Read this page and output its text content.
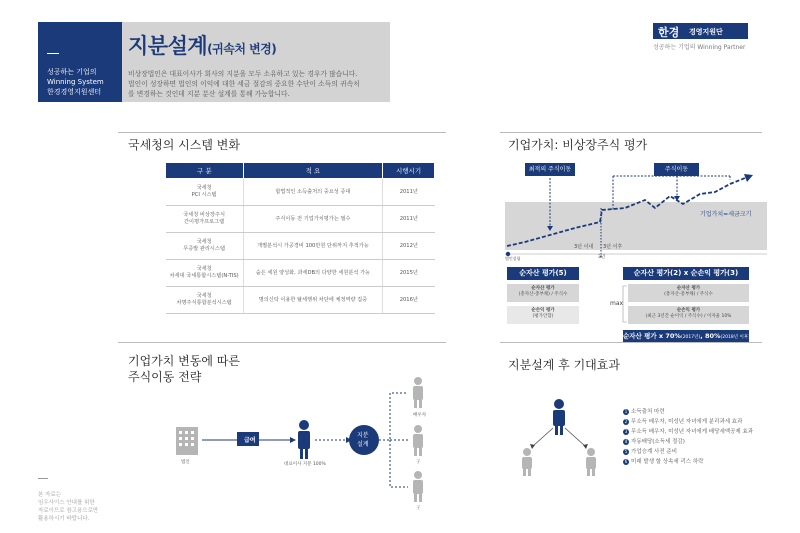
성공하는 기업의
Winning System
한경경영지원센터
지분설계(귀속처 변경)
비상장법인은 대표이사가 회사의 지분을 모두 소유하고 있는 경우가 많습니다.
법인이 성장하면 법인의 이익에 대한 세금 절감의 중요한 수단이 소득의 귀속처
를 변경하는 것인데 지분 분산 설계를 통해 가능합니다.
한경 경영지원단
성공하는 기업의 Winning Partner
국세청의 시스템 변화
구 분	적 요	시행시기

국세청
PCI 시스템	합법적인 소득출처의 중요성 증대	2011년

국세청 비상장주식
간이평가프로그램	주식이동 전 기업가치평가는 필수	2011년

국세청
무증발 관리시스템	개별분석시 가공경비 100만원 단위까지 추적가능	2012년

국세청
차세대 국세통합시스템(N-TIS)	숨은 세원 양성화, 과세DB의 다양한 세원분석 가능	2015년

국세청
차명주식통합분석시스템	명의신탁 이용한 탈세행위 차단에 체정역량 집중	2016년
기업가치: 비상장주식 평가
최적의 주식이동	주식이동
기업가치=세금크기
법인설립
3년 이내 3년 이후
3년
순자산 평가(5)	순자산 평가(2) x 순손익 평가(3)
순자산 평가
(총자산-총부채) / 주식수
순손익 평가
(평가안함)
max
순자산 평가
(총자산-총부채) / 주식수
순손익 평가
(최근 3년간 순이익 / 주식수) / 이자율 10%
순자산 평가 x 70%(2017년), 80%(2018년 이후)
기업가치 변동에 따른
주식이동 전략
법인
급여
대표이사 지분 100%
지분
설계
배우자
子
子
지분설계 후 기대효과
1 소득출처 마련
2 무소득 배우자, 미성년 자녀에게 분리과세 효과
3 무소득 배우자, 미성년 자녀에게 배당세액공제 효과
4 자동배당(소득세 절감)
5 가업승계 사전 준비
6 미래 발생 할 상속세 리스 하락
본 자료는
임우사이스 안내를 위한
자료이므로 참고용으로만
활용하시기 바랍니다.
